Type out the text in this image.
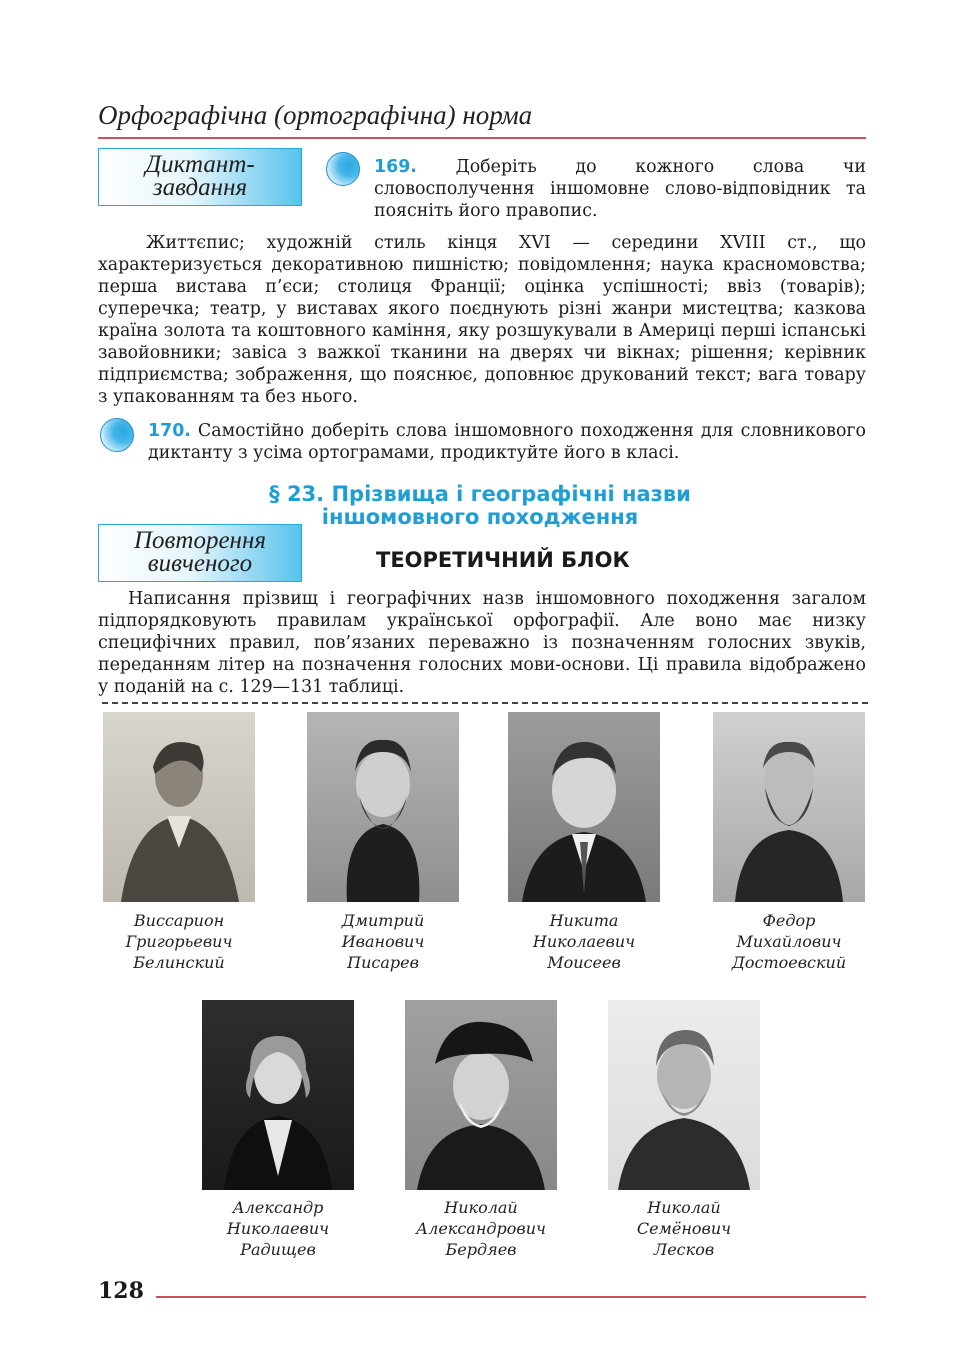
Орфографічна (ортографічна) норма
Диктант-
завдання

169. Доберіть до кожного слова чи словосполучення іншомовне слово-відповідник та поясніть його правопис.

Життєпис; художній стиль кінця XVI — середини XVIII ст., що характеризується декоративною пишністю; повідомлення; наука красномовства; перша вистава п’єси; столиця Франції; оцінка успішності; ввіз (товарів); суперечка; театр, у виставах якого поєднують різні жанри мистецтва; казкова країна золота та коштовного каміння, яку розшукували в Америці перші іспанські завойовники; завіса з важкої тканини на дверях чи вікнах; рішення; керівник підприємства; зображення, що пояснює, доповнює друкований текст; вага товару з упакованням та без нього.

170. Самостійно доберіть слова іншомовного походження для словникового диктанту з усіма ортограмами, продиктуйте його в класі.

§ 23. Прізвища і географічні назви
іншомовного походження
Повторення
вивченого	ТЕОРЕТИЧНИЙ БЛОК

Написання прізвищ і географічних назв іншомовного походження загалом підпорядковують правилам української орфографії. Але воно має низку специфічних правил, пов’язаних переважно із позначенням голосних звуків, переданням літер на позначення голосних мови-основи. Ці правила відображено у поданій на с. 129—131 таблиці.

Виссарион
Григорьевич
Белинский
Дмитрий
Иванович
Писарев
Никита
Николаевич
Моисеев
Федор
Михайлович
Достоевский
Александр
Николаевич
Радищев
Николай
Александрович
Бердяев
Николай
Семёнович
Лесков
128
